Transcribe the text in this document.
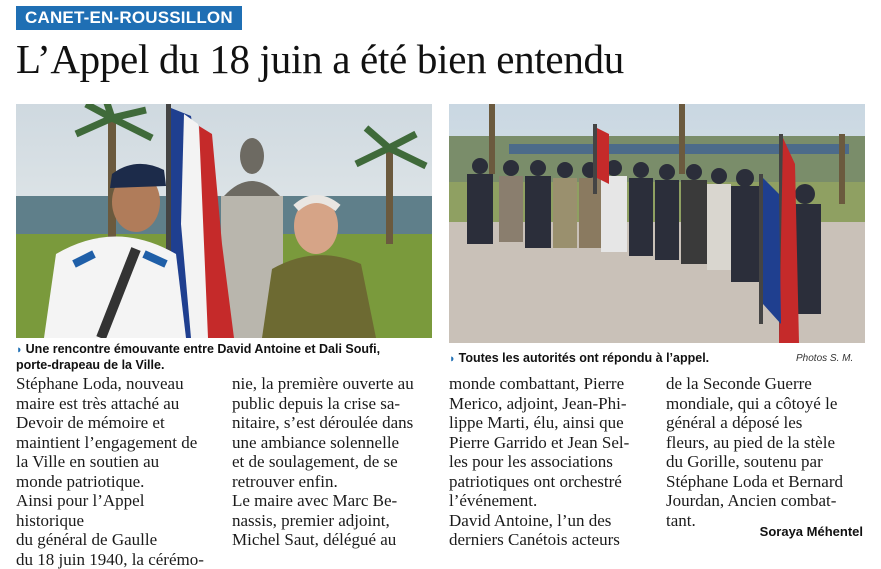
CANET-EN-ROUSSILLON
L’Appel du 18 juin a été bien entendu
◗ Une rencontre émouvante entre David Antoine et Dali Soufi,
porte-drapeau de la Ville.	◗ Toutes les autorités ont répondu à l’appel.	Photos S. M.

Stéphane Loda, nouveau

maire est très attaché au

Devoir de mémoire et

maintient l’engagement de

la Ville en soutien au

monde patriotique.

Ainsi pour l’Appel historique

du général de Gaulle

du 18 juin 1940, la cérémo-

nie, la première ouverte au

public depuis la crise sa-

nitaire, s’est déroulée dans

une ambiance solennelle

et de soulagement, de se

retrouver enfin.

Le maire avec Marc Be-

nassis, premier adjoint,

Michel Saut, délégué au

monde combattant, Pierre

Merico, adjoint, Jean-Phi-

lippe Marti, élu, ainsi que

Pierre Garrido et Jean Sel-

les pour les associations

patriotiques ont orchestré

l’événement.

David Antoine, l’un des

derniers Canétois acteurs

de la Seconde Guerre

mondiale, qui a côtoyé le

général a déposé les

fleurs, au pied de la stèle

du Gorille, soutenu par

Stéphane Loda et Bernard

Jourdan, Ancien combat-

tant.

Soraya Méhentel
